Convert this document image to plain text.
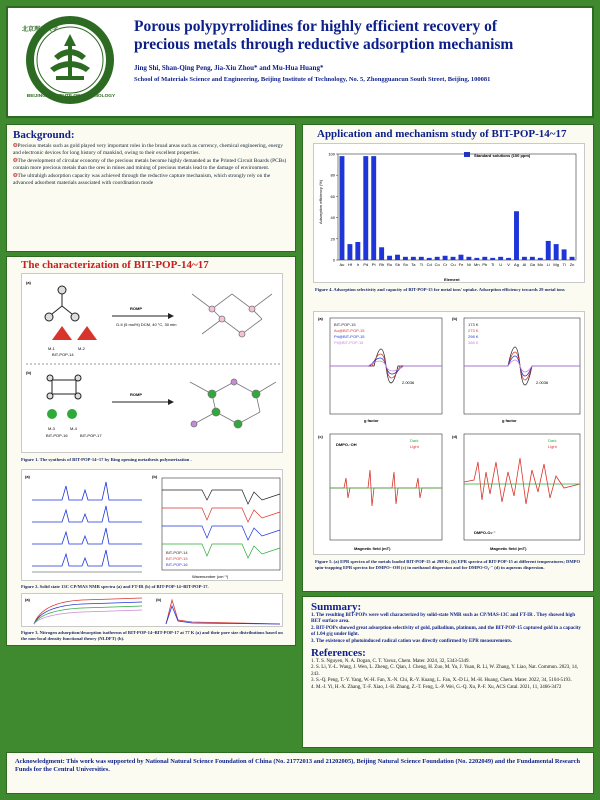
北京理工大学
BEIJING INSTITUTE OF TECHNOLOGY
Porous polypyrrolidines for highly efficient recovery of
precious metals through reductive adsorption mechanism
Jing Shi, Shan-Qing Peng, Jia-Xiu Zhou* and Mu-Hua Huang*
School of Materials Science and Engineering, Beijing Institute of Technology, No. 5, Zhongguancun South Street, Beijing, 100081
Background:
❂Precious metals such as gold played very important roles in the broad areas such as currency, chemical engineering, energy and electronic devices for long history of mankind, owing to their excellent properties.
❂The development of circular economy of the precious metals become highly demanded as the Printed Circuit Boards (PCBs) contain more precious metals than the ores in mines and mining of precious metals lead to the damage of environment.
❂The ultrahigh adsorption capacity was achieved through the reductive capture mechanism, which strongly rely on the advanced adsorbent materials associated with coordination mode
The characterization of BIT-POP-14~17
(a)
M-1	M-2
BIT-POP-14
ROMP
G-II (5 mol%) DCM, 40 °C, 30 min
(b)
M-3	M-4
BIT-POP-16	BIT-POP-17
ROMP
Figure 1. The synthesis of BIT-POP-14~17 by Ring opening metathesis polymerization .
(a)	(b)
Wavenumber (cm⁻¹)
BIT-POP-14
BIT-POP-15
BIT-POP-16
Figure 2. Solid state 13C CP/MAS NMR spectra (a) and FT-IR (b) of BIT-POP-14~BIT-POP-17.
(a)	(b)
Figure 3. Nitrogen adsorption/desorption isotherms of BIT-POP-14~BIT-POP-17 at 77 K (a) and their pore size distributions based on the non-local density functional theory (NLDFT) (b).
Application and mechanism study of BIT-POP-14~17
Adsorption efficiency (%)
Element
Standard solutions (100 ppm)
0
20
40
60
80
100
Au Hf Ir Pd Pt Rh Ru Sb Sn Ta Ti Cd Co Cr Cu Fe Ni Mn Pb Ti U V Ag Al Ga Mo Li Mg Ti Zn
Figure 4. Adsorption selectivity and capacity of BIT-POP-15 for metal ions' uptake. Adsorption efficiency towards 29 metal ions
(a)
g factor
BIT-POP-15
Au@BIT-POP-15
Pd@BIT-POP-15
Pt@BIT-POP-15
2.0036
(b)
g factor
173 K
273 K
298 K
388 K
2.0036
(c)
DMPO-·OH
Dark
Light
Magnetic field (mT)
(d)
Dark
Light
DMPO-O₂·⁻
Magnetic field (mT)
Figure 5. (a) EPR spectra of the metals loaded BIT-POP-15 at 298 K; (b) EPR spectra of BIT-POP-15 at different temperatures; DMPO spin-trapping EPR spectra for DMPO-·OH (c) in methanol dispersion and for DMPO-O₂·⁻ (d) in aqueous dispersion.
Summary:
1. The resulting BIT-POPs were well characterized by solid-state NMR such as CP/MAS-13C and FT-IR . They showed high BET surface area.
2. BIT-POPs showed great adsorption selectivity of gold, palladium, platinum, and the BIT-POP-15 captured gold in a capacity of 1.04 g/g under light.
3. The existence of photoinduced radical cation was directly confirmed by EPR measurements.
References:
1. T. S. Nguyen, N. A. Dogan, C. T. Yavuz, Chem. Mater. 2024, 32, 5343-5349.
2. S. Li, Y.-L. Wang, J. Wen, L. Zheng, C. Qian, J. Cheng, H. Zuo, M. Yu, J. Yuan, R. Li, W. Zhang, Y. Liao, Nat. Commun. 2023, 14, 243.
3. S.-Q. Peng, T.-Y. Yang, W.-H. Fan, X.-N. Chi, R.-Y. Kuang, L. Fan, X.-D Li, M.-H. Huang, Chem. Mater. 2022, 34, 5104-5193.
4. M.-J. Yi, H.-X. Zhang, T.-F. Xiao, J.-H. Zhang, Z.-T. Feng, L.-P. Wei, G.-Q. Xu, P.-F. Xu, ACS Catal. 2021, 11, 3466-3472
Acknowledgment: This work was supported by National Natural Science Foundation of China (No. 21772013 and 21202005), Beijing Natural Science Foundation (No. 2202049) and the Fundamental Research Funds for the Central Universities.
